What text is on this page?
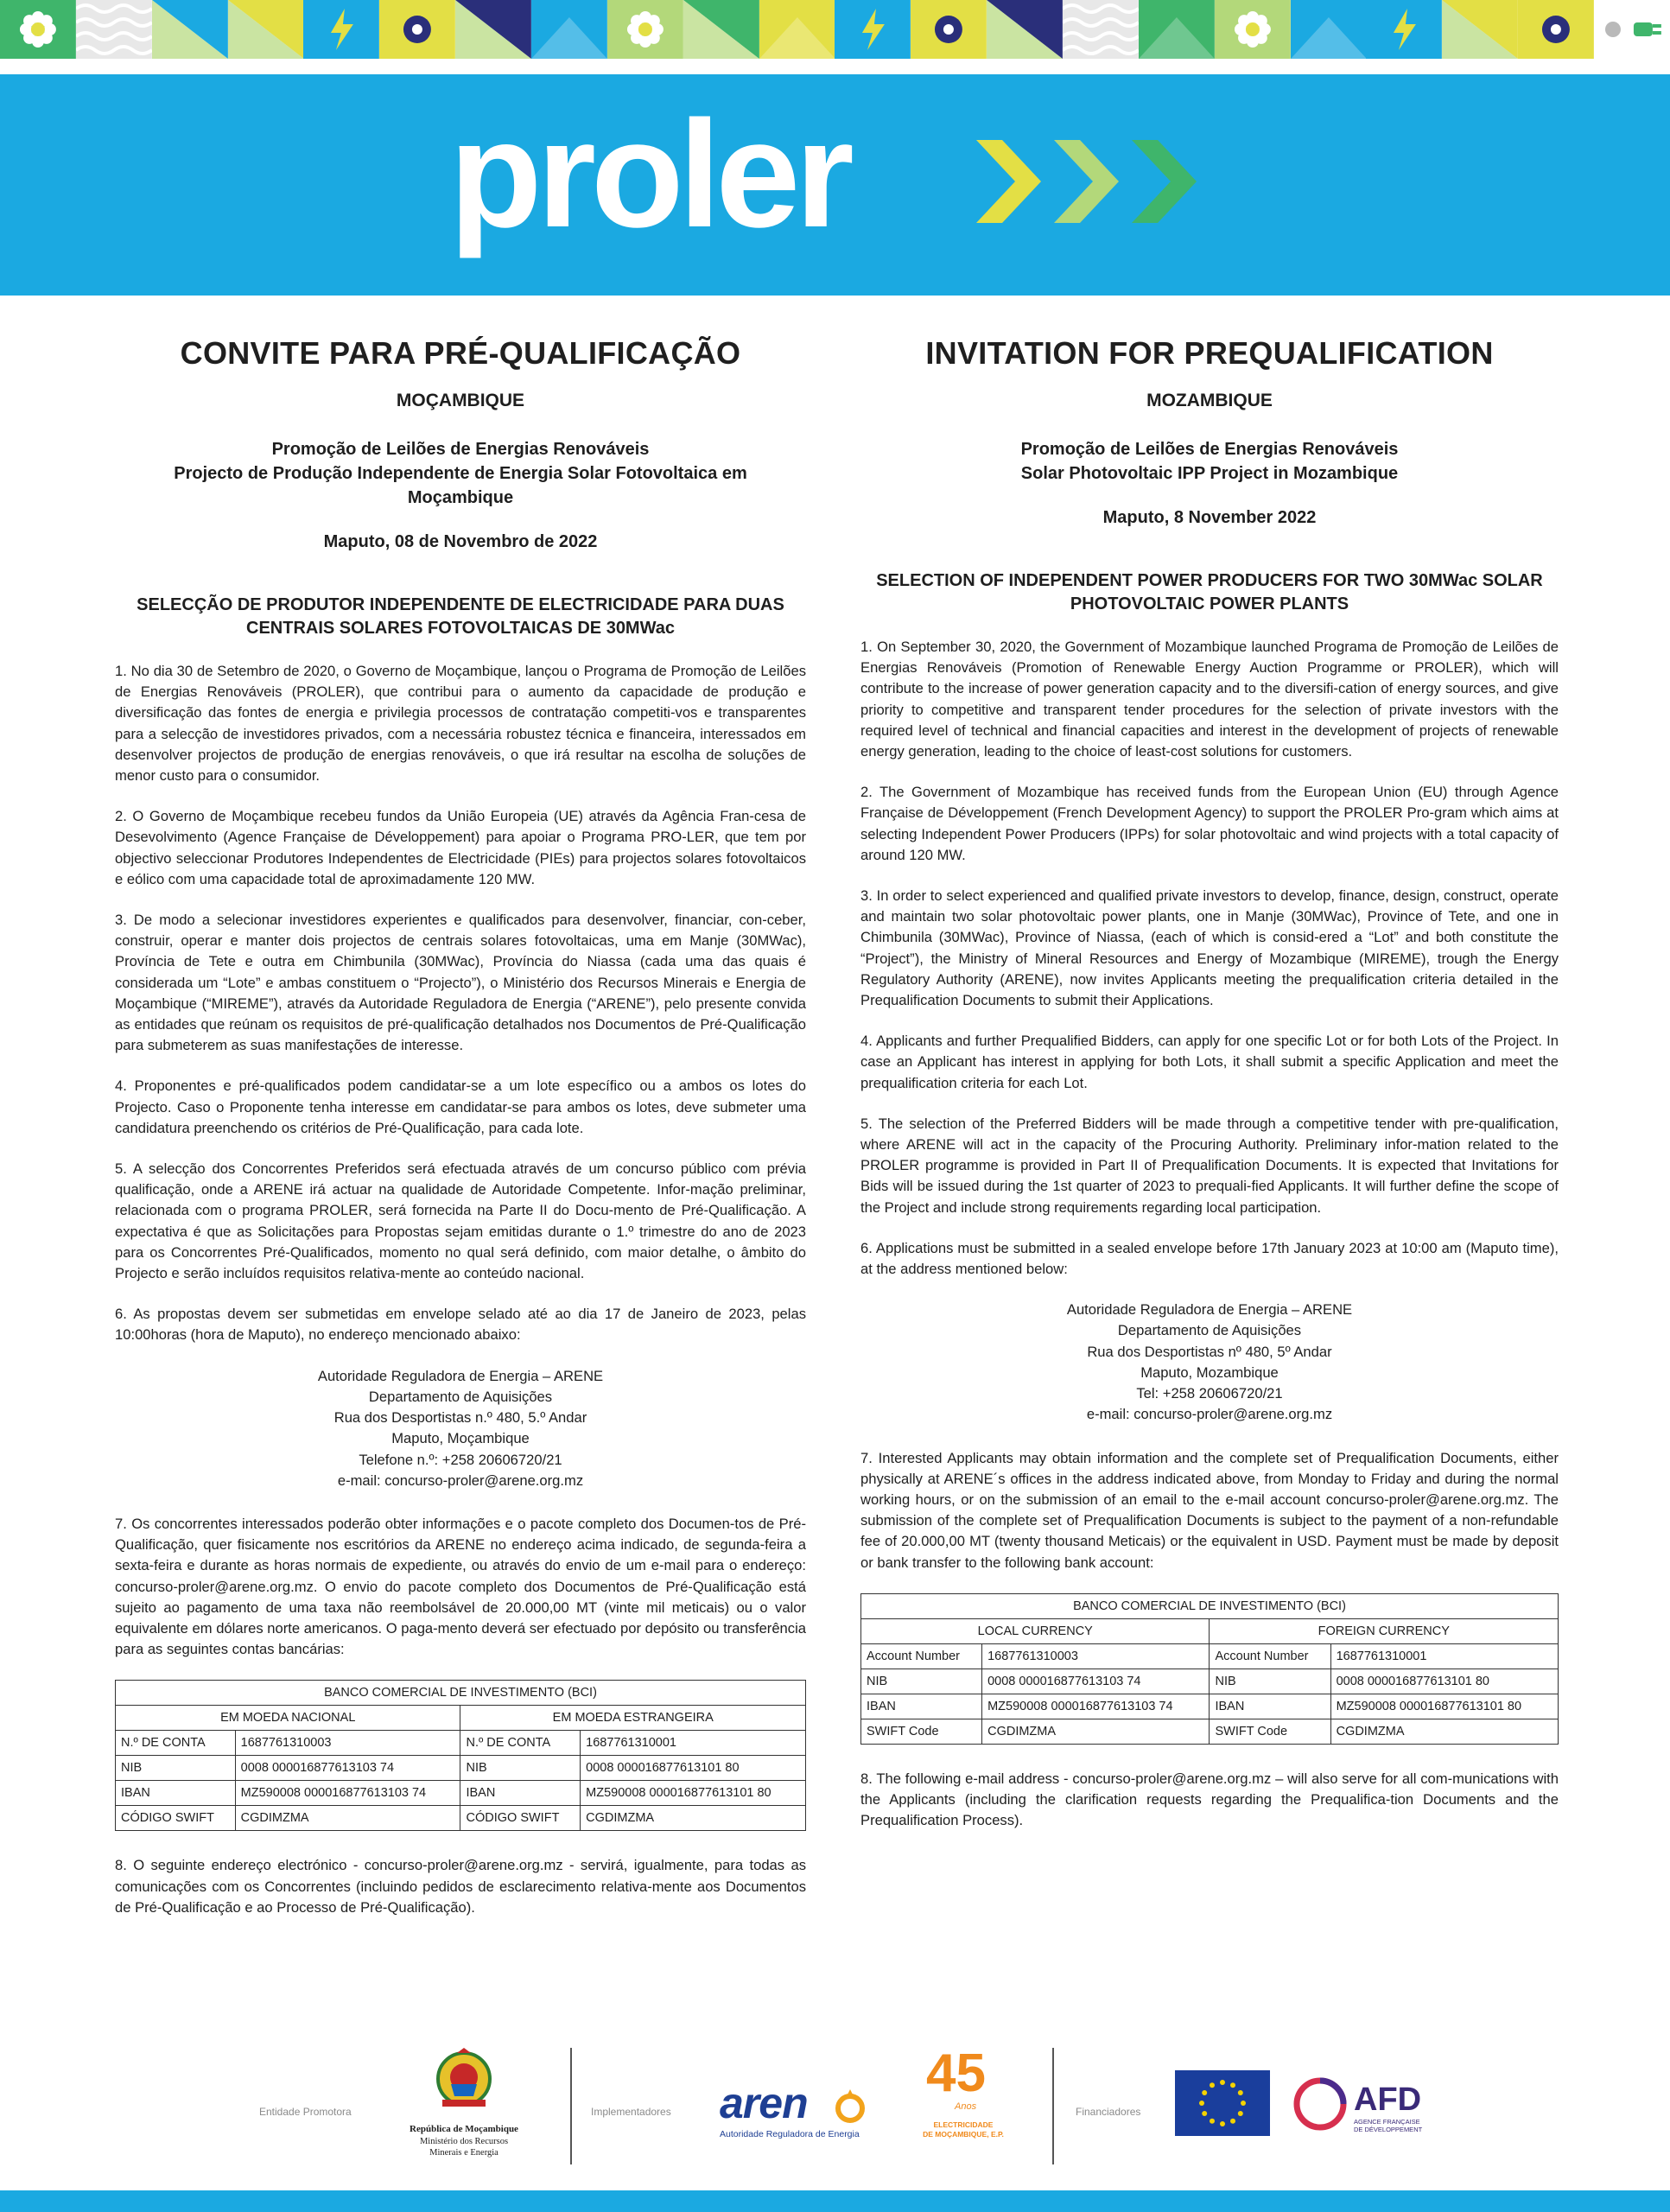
proler
CONVITE PARA PRÉ-QUALIFICAÇÃO
MOÇAMBIQUE
Promoção de Leilões de Energias Renováveis
Projecto de Produção Independente de Energia Solar Fotovoltaica em
Moçambique
Maputo, 08 de Novembro de 2022
SELECÇÃO DE PRODUTOR INDEPENDENTE DE ELECTRICIDADE PARA DUAS
CENTRAIS SOLARES FOTOVOLTAICAS DE 30MWac

1. No dia 30 de Setembro de 2020, o Governo de Moçambique, lançou o Programa de Promoção de Leilões de Energias Renováveis (PROLER), que contribui para o aumento da capacidade de produção e diversificação das fontes de energia e privilegia processos de contratação competiti-vos e transparentes para a selecção de investidores privados, com a necessária robustez técnica e financeira, interessados em desenvolver projectos de produção de energias renováveis, o que irá resultar na escolha de soluções de menor custo para o consumidor.

2. O Governo de Moçambique recebeu fundos da União Europeia (UE) através da Agência Fran-cesa de Desevolvimento (Agence Française de Développement) para apoiar o Programa PRO-LER, que tem por objectivo seleccionar Produtores Independentes de Electricidade (PIEs) para projectos solares fotovoltaicos e eólico com uma capacidade total de aproximadamente 120 MW.

3. De modo a selecionar investidores experientes e qualificados para desenvolver, financiar, con-ceber, construir, operar e manter dois projectos de centrais solares fotovoltaicas, uma em Manje (30MWac), Província de Tete e outra em Chimbunila (30MWac), Província do Niassa (cada uma das quais é considerada um “Lote” e ambas constituem o “Projecto”), o Ministério dos Recursos Minerais e Energia de Moçambique (“MIREME”), através da Autoridade Reguladora de Energia (“ARENE”), pelo presente convida as entidades que reúnam os requisitos de pré-qualificação detalhados nos Documentos de Pré-Qualificação para submeterem as suas manifestações de interesse.

4. Proponentes e pré-qualificados podem candidatar-se a um lote específico ou a ambos os lotes do Projecto. Caso o Proponente tenha interesse em candidatar-se para ambos os lotes, deve submeter uma candidatura preenchendo os critérios de Pré-Qualificação, para cada lote.

5. A selecção dos Concorrentes Preferidos será efectuada através de um concurso público com prévia qualificação, onde a ARENE irá actuar na qualidade de Autoridade Competente. Infor-mação preliminar, relacionada com o programa PROLER, será fornecida na Parte II do Docu-mento de Pré-Qualificação. A expectativa é que as Solicitações para Propostas sejam emitidas durante o 1.º trimestre do ano de 2023 para os Concorrentes Pré-Qualificados, momento no qual será definido, com maior detalhe, o âmbito do Projecto e serão incluídos requisitos relativa-mente ao conteúdo nacional.

6. As propostas devem ser submetidas em envelope selado até ao dia 17 de Janeiro de 2023, pelas 10:00horas (hora de Maputo), no endereço mencionado abaixo:

Autoridade Reguladora de Energia – ARENE
Departamento de Aquisições
Rua dos Desportistas n.º 480, 5.º Andar
Maputo, Moçambique
Telefone n.º: +258 20606720/21
e-mail: concurso-proler@arene.org.mz

7. Os concorrentes interessados poderão obter informações e o pacote completo dos Documen-tos de Pré-Qualificação, quer fisicamente nos escritórios da ARENE no endereço acima indicado, de segunda-feira a sexta-feira e durante as horas normais de expediente, ou através do envio de um e-mail para o endereço: concurso-proler@arene.org.mz. O envio do pacote completo dos Documentos de Pré-Qualificação está sujeito ao pagamento de uma taxa não reembolsável de 20.000,00 MT (vinte mil meticais) ou o valor equivalente em dólares norte americanos. O paga-mento deverá ser efectuado por depósito ou transferência para as seguintes contas bancárias:

BANCO COMERCIAL DE INVESTIMENTO (BCI)			
EM MOEDA NACIONAL		EM MOEDA ESTRANGEIRA	
N.º DE CONTA	1687761310003	N.º DE CONTA	1687761310001
NIB	0008 000016877613103 74	NIB	0008 000016877613101 80
IBAN	MZ590008 000016877613103 74	IBAN	MZ590008 000016877613101 80
CÓDIGO SWIFT	CGDIMZMA	CÓDIGO SWIFT	CGDIMZMA

8. O seguinte endereço electrónico - concurso-proler@arene.org.mz - servirá, igualmente, para todas as comunicações com os Concorrentes (incluindo pedidos de esclarecimento relativa-mente aos Documentos de Pré-Qualificação e ao Processo de Pré-Qualificação).

INVITATION FOR PREQUALIFICATION
MOZAMBIQUE
Promoção de Leilões de Energias Renováveis
Solar Photovoltaic IPP Project in Mozambique
Maputo, 8 November 2022
SELECTION OF INDEPENDENT POWER PRODUCERS FOR TWO 30MWac SOLAR
PHOTOVOLTAIC POWER PLANTS

1. On September 30, 2020, the Government of Mozambique launched Programa de Promoção de Leilões de Energias Renováveis (Promotion of Renewable Energy Auction Programme or PROLER), which will contribute to the increase of power generation capacity and to the diversifi-cation of energy sources, and give priority to competitive and transparent tender procedures for the selection of private investors with the required level of technical and financial capacities and interest in the development of projects of renewable energy generation, leading to the choice of least-cost solutions for customers.

2. The Government of Mozambique has received funds from the European Union (EU) through Agence Française de Développement (French Development Agency) to support the PROLER Pro-gram which aims at selecting Independent Power Producers (IPPs) for solar photovoltaic and wind projects with a total capacity of around 120 MW.

3. In order to select experienced and qualified private investors to develop, finance, design, construct, operate and maintain two solar photovoltaic power plants, one in Manje (30MWac), Province of Tete, and one in Chimbunila (30MWac), Province of Niassa, (each of which is consid-ered a “Lot” and both constitute the “Project”), the Ministry of Mineral Resources and Energy of Mozambique (MIREME), trough the Energy Regulatory Authority (ARENE), now invites Applicants meeting the prequalification criteria detailed in the Prequalification Documents to submit their Applications.

4. Applicants and further Prequalified Bidders, can apply for one specific Lot or for both Lots of the Project. In case an Applicant has interest in applying for both Lots, it shall submit a specific Application and meet the prequalification criteria for each Lot.

5. The selection of the Preferred Bidders will be made through a competitive tender with pre-qualification, where ARENE will act in the capacity of the Procuring Authority. Preliminary infor-mation related to the PROLER programme is provided in Part II of Prequalification Documents. It is expected that Invitations for Bids will be issued during the 1st quarter of 2023 to prequali-fied Applicants. It will further define the scope of the Project and include strong requirements regarding local participation.

6. Applications must be submitted in a sealed envelope before 17th January 2023 at 10:00 am (Maputo time), at the address mentioned below:

Autoridade Reguladora de Energia – ARENE
Departamento de Aquisições
Rua dos Desportistas nº 480, 5º Andar
Maputo, Mozambique
Tel: +258 20606720/21
e-mail: concurso-proler@arene.org.mz

7. Interested Applicants may obtain information and the complete set of Prequalification Documents, either physically at ARENE´s offices in the address indicated above, from Monday to Friday and during the normal working hours, or on the submission of an email to the e-mail account concurso-proler@arene.org.mz. The submission of the complete set of Prequalification Documents is subject to the payment of a non-refundable fee of 20.000,00 MT (twenty thousand Meticais) or the equivalent in USD. Payment must be made by deposit or bank transfer to the following bank account:

BANCO COMERCIAL DE INVESTIMENTO (BCI)			
LOCAL CURRENCY		FOREIGN CURRENCY	
Account Number	1687761310003	Account Number	1687761310001
NIB	0008 000016877613103 74	NIB	0008 000016877613101 80
IBAN	MZ590008 000016877613103 74	IBAN	MZ590008 000016877613101 80
SWIFT Code	CGDIMZMA	SWIFT Code	CGDIMZMA

8. The following e-mail address - concurso-proler@arene.org.mz – will also serve for all com-munications with the Applicants (including the clarification requests regarding the Prequalifica-tion Documents and the Prequalification Process).

Entidade Promotora
República de Moçambique
Ministério dos Recursos
Minerais e Energia
Implementadores aren
Autoridade Reguladora de Energia
45
Anos
ELECTRICIDADE
DE MOÇAMBIQUE, E.P.
Financiadores	AFD
AGENCE FRANÇAISE
DE DÉVELOPPEMENT
